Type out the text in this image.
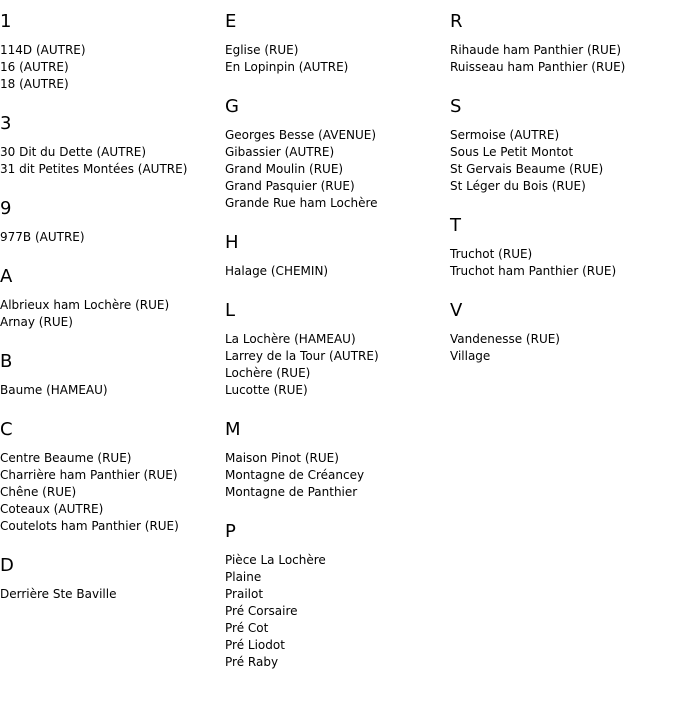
1
114D (AUTRE)
16 (AUTRE)
18 (AUTRE)
3
30 Dit du Dette (AUTRE)
31 dit Petites Montées (AUTRE)
9
977B (AUTRE)
A
Albrieux ham Lochère (RUE)
Arnay (RUE)
B
Baume (HAMEAU)
C
Centre Beaume (RUE)
Charrière ham Panthier (RUE)
Chêne (RUE)
Coteaux (AUTRE)
Coutelots ham Panthier (RUE)
D
Derrière Ste Baville
E
Eglise (RUE)
En Lopinpin (AUTRE)
G
Georges Besse (AVENUE)
Gibassier (AUTRE)
Grand Moulin (RUE)
Grand Pasquier (RUE)
Grande Rue ham Lochère
H
Halage (CHEMIN)
L
La Lochère (HAMEAU)
Larrey de la Tour (AUTRE)
Lochère (RUE)
Lucotte (RUE)
M
Maison Pinot (RUE)
Montagne de Créancey
Montagne de Panthier
P
Pièce La Lochère
Plaine
Prailot
Pré Corsaire
Pré Cot
Pré Liodot
Pré Raby
R
Rihaude ham Panthier (RUE)
Ruisseau ham Panthier (RUE)
S
Sermoise (AUTRE)
Sous Le Petit Montot
St Gervais Beaume (RUE)
St Léger du Bois (RUE)
T
Truchot (RUE)
Truchot ham Panthier (RUE)
V
Vandenesse (RUE)
Village
